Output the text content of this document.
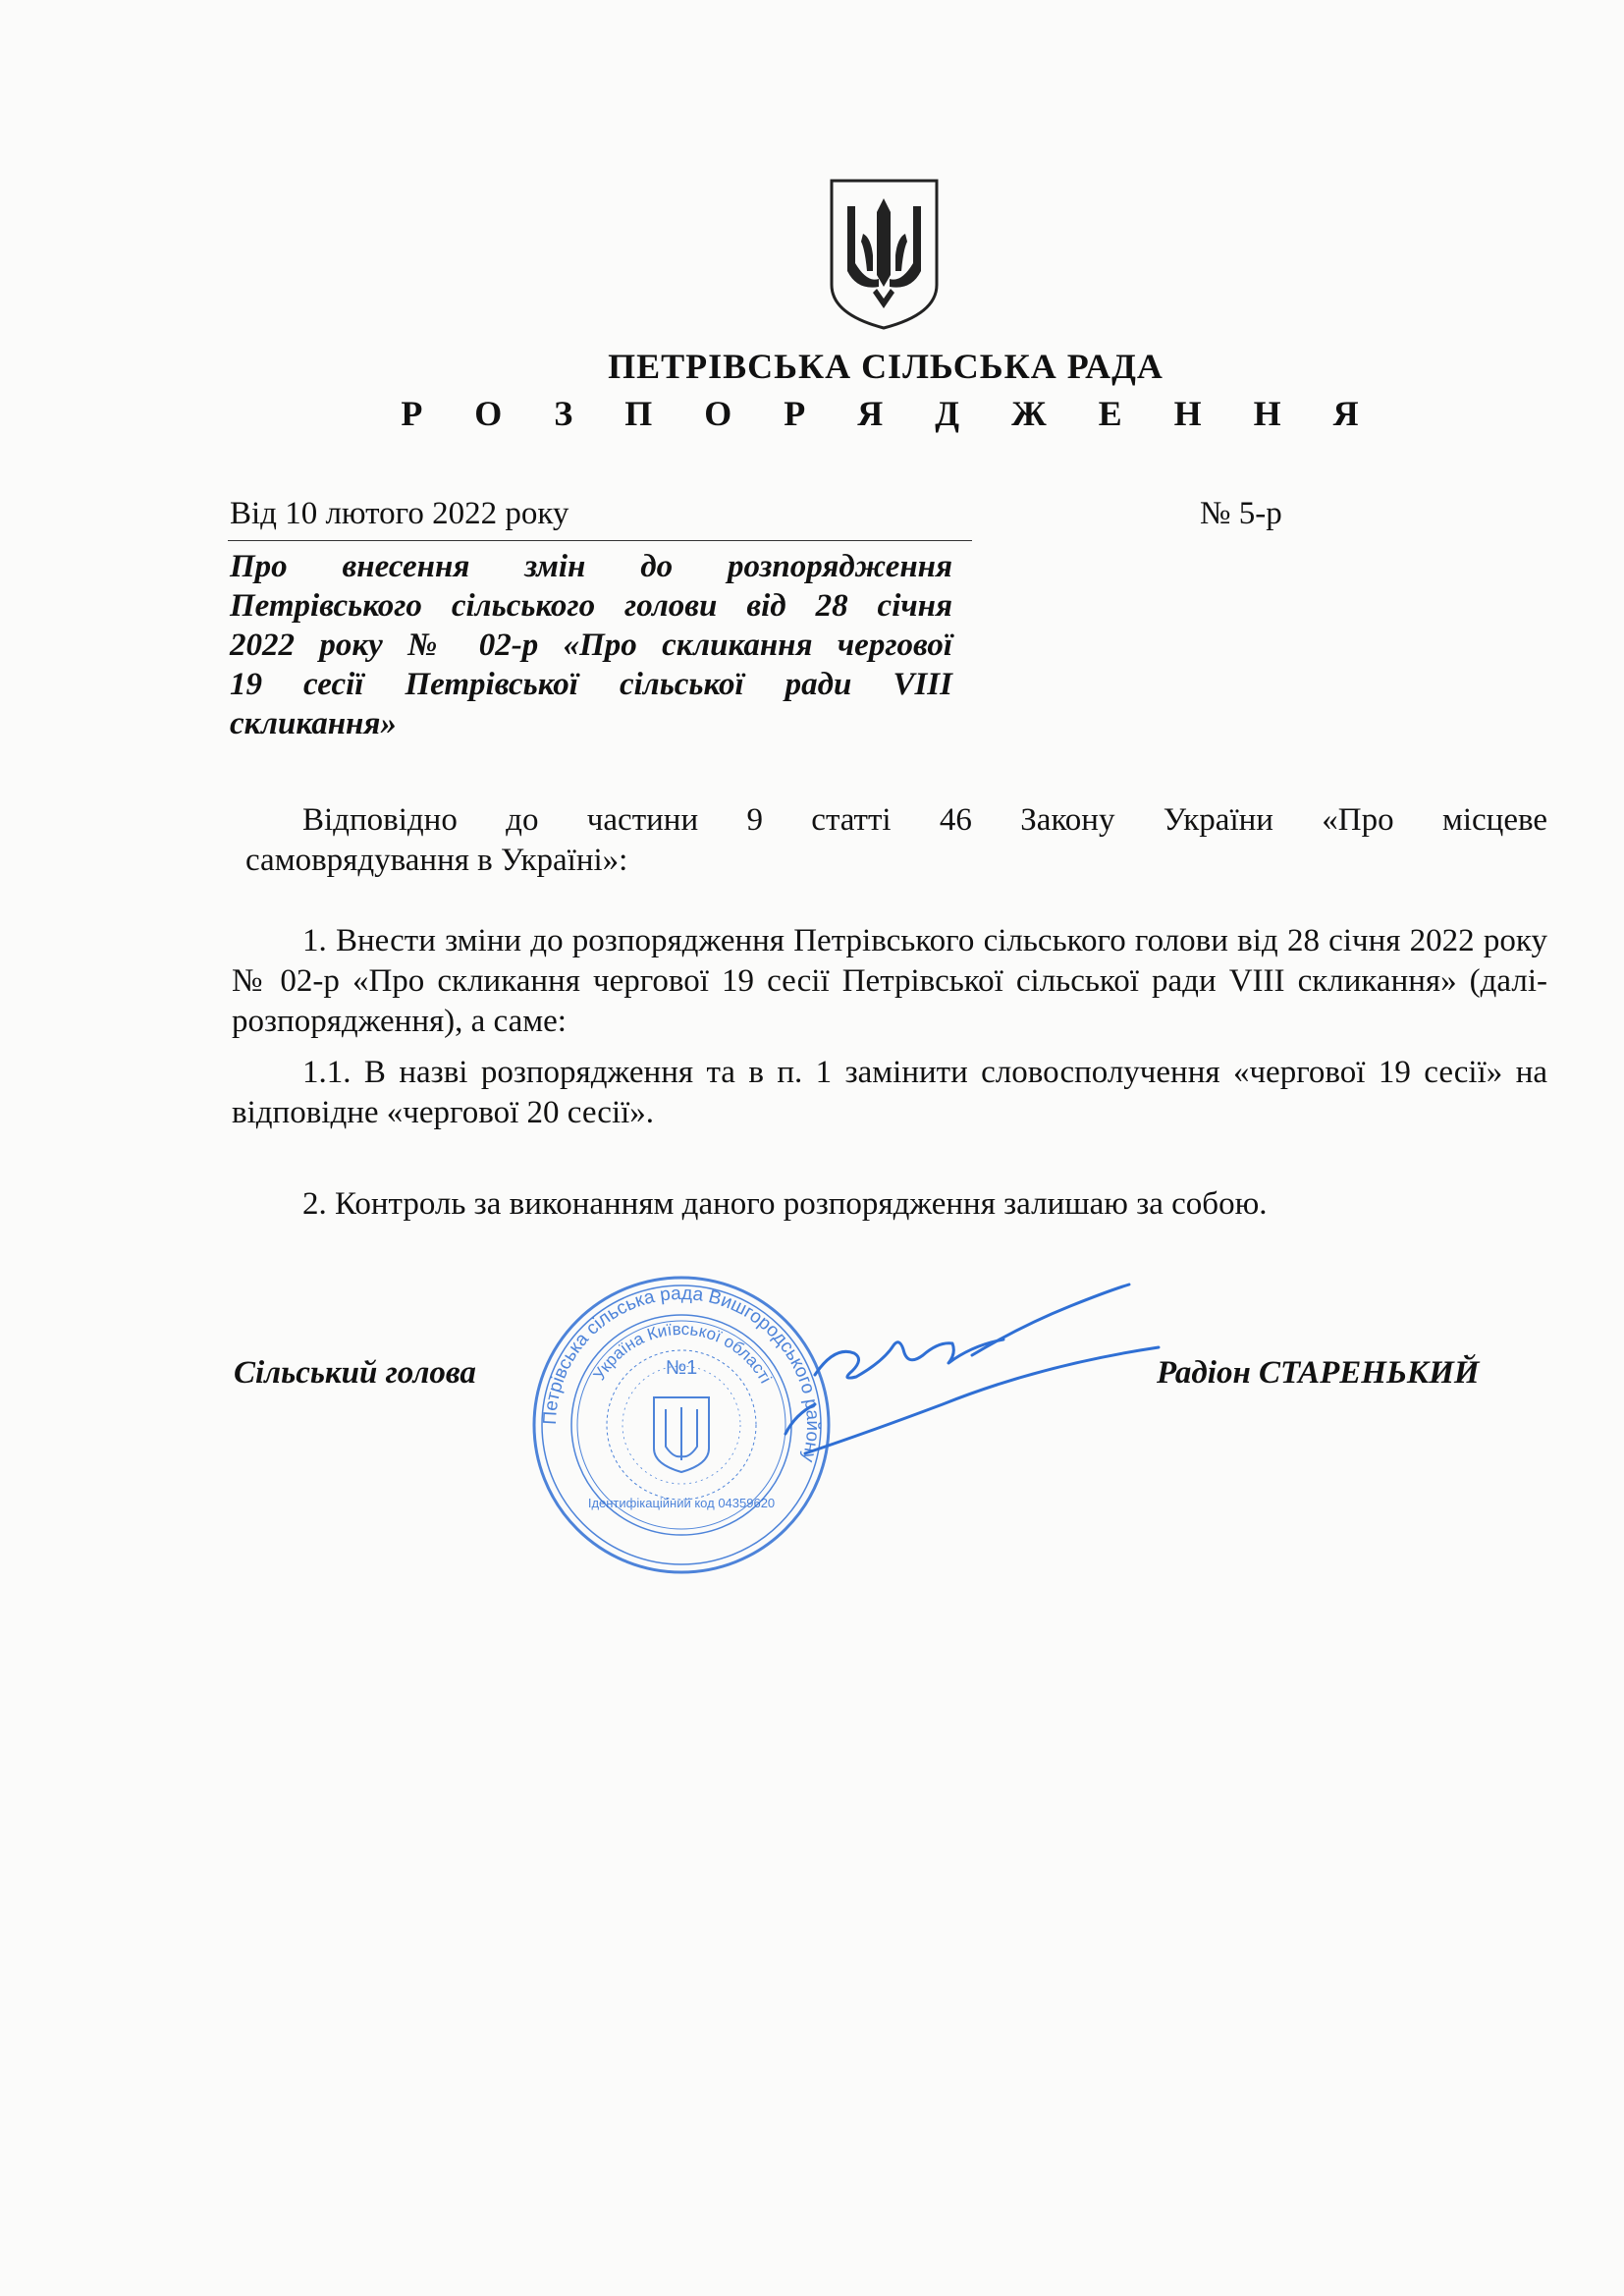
ПЕТРІВСЬКА СІЛЬСЬКА РАДА
Р О З П О Р Я Д Ж Е Н Н Я
Від 10 лютого 2022 року	№ 5-р
Про внесення змін до розпорядження
Петрівського сільського голови від 28 січня
2022 року № 02-р «Про скликання чергової
19 сесії Петрівської сільської ради VIII
скликання»
Відповідно до частини 9 статті 46 Закону України «Про місцеве
самоврядування в Україні»:
1. Внести зміни до розпорядження Петрівського сільського голови від 28 січня 2022 року № 02-р «Про скликання чергової 19 сесії Петрівської сільської ради VIII скликання» (далі- розпорядження), а саме:
1.1. В назві розпорядження та в п. 1 замінити словосполучення «чергової 19 сесії» на відповідне «чергової 20 сесії».
2. Контроль за виконанням даного розпорядження залишаю за собою.
Сільський голова	Радіон СТАРЕНЬКИЙ
Петрівська сільська рада Вишгородського району
Україна Київської області
№1
Ідентифікаційний код 04359620
